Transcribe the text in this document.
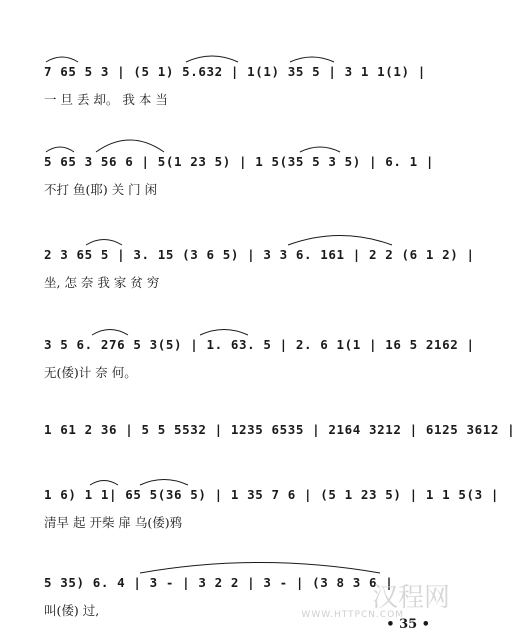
7 65 5 3 | (5 1) 5.632 | 1(1) 35 5 | 3 1 1(1) |
一 旦 丢 却。 我 本 当
5 65 3 56 6 | 5(1 23 5) | 1 5(35 5 3 5) | 6. 1 |
不打 鱼(耶) 关 门 闲
2 3 65 5 | 3. 15 (3 6 5) | 3 3 6. 161 | 2 2 (6 1 2) |
坐, 怎 奈 我 家 贫 穷
3 5 6. 276 5 3(5) | 1. 63. 5 | 2. 6 1(1 | 16 5 2162 |
无(倭)计 奈 何。
1 61 2 36 | 5 5 5532 | 1235 6535 | 2164 3212 | 6125 3612 |
1 6) 1 1| 65 5(36 5) | 1 35 7 6 | (5 1 23 5) | 1 1 5(3 |
清早 起 开柴 扉 乌(倭)鸦
5 35) 6. 4 | 3 - | 3 2 2 | 3 - | (3 8 3 6 |
叫(倭) 过,	汉程网
WWW.HTTPCN.COM
• 35 •
